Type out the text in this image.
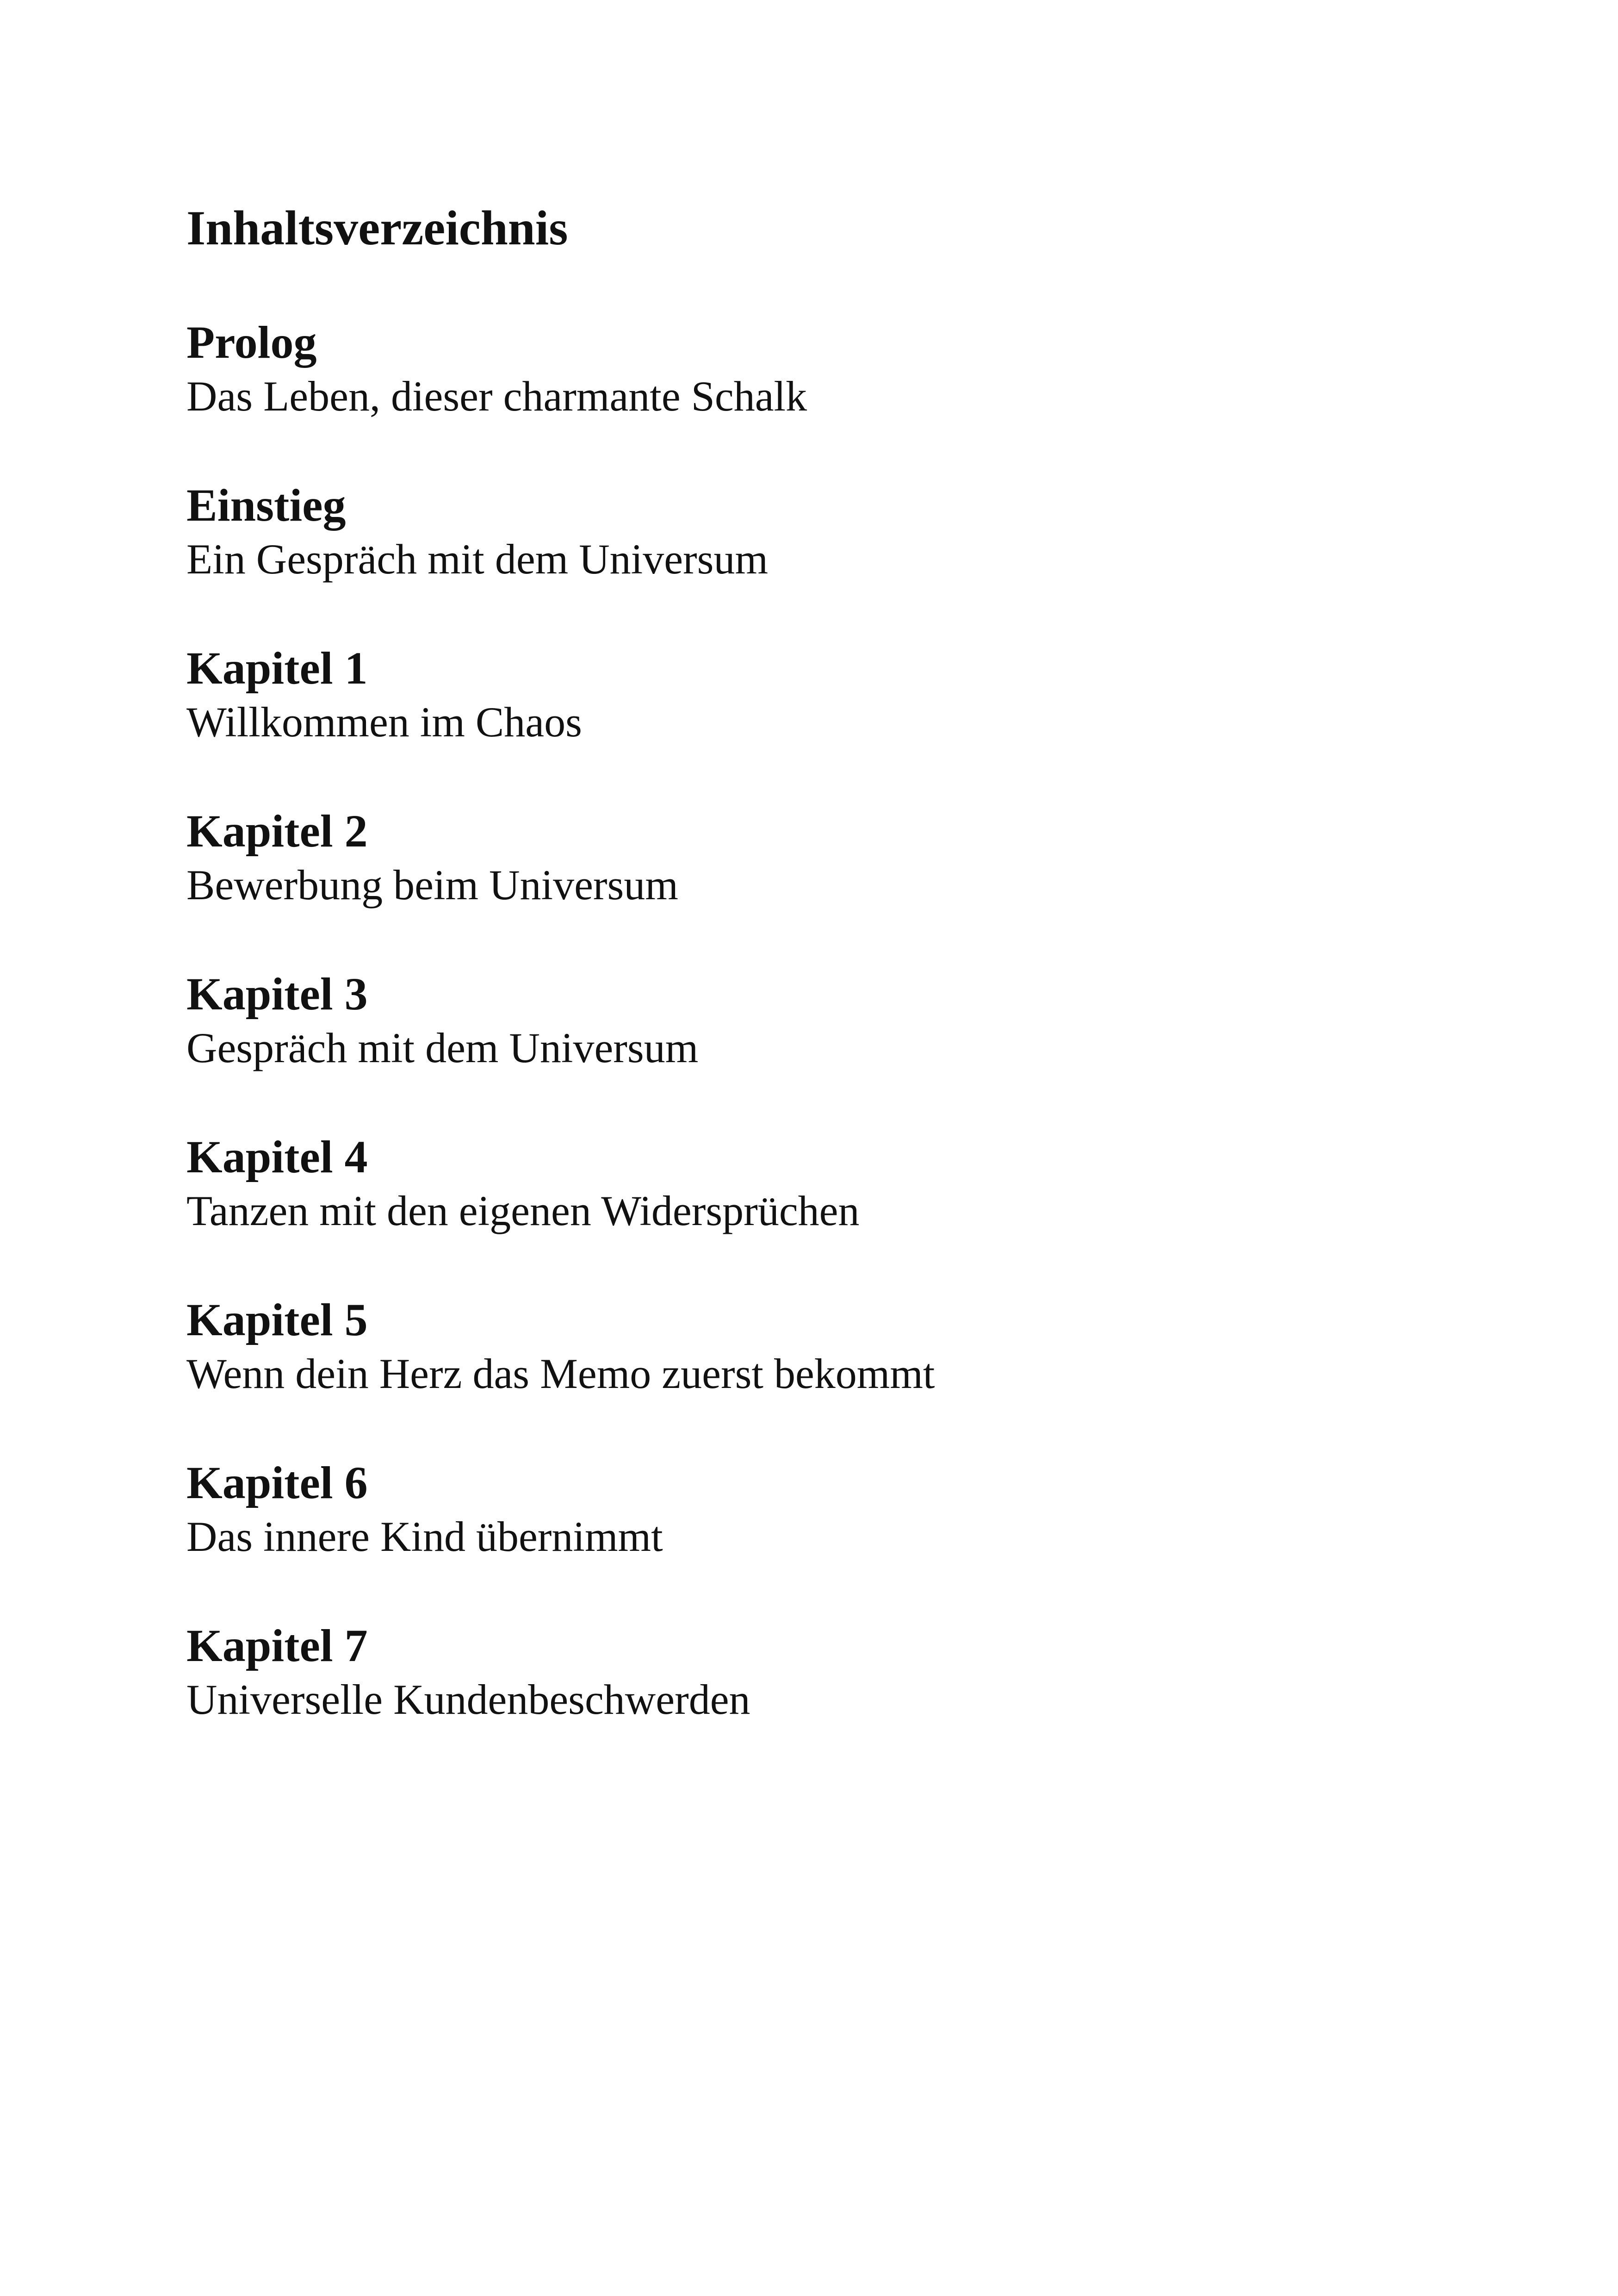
Inhaltsverzeichnis
Prolog
Das Leben, dieser charmante Schalk
Einstieg
Ein Gespräch mit dem Universum
Kapitel 1
Willkommen im Chaos
Kapitel 2
Bewerbung beim Universum
Kapitel 3
Gespräch mit dem Universum
Kapitel 4
Tanzen mit den eigenen Widersprüchen
Kapitel 5
Wenn dein Herz das Memo zuerst bekommt
Kapitel 6
Das innere Kind übernimmt
Kapitel 7
Universelle Kundenbeschwerden
